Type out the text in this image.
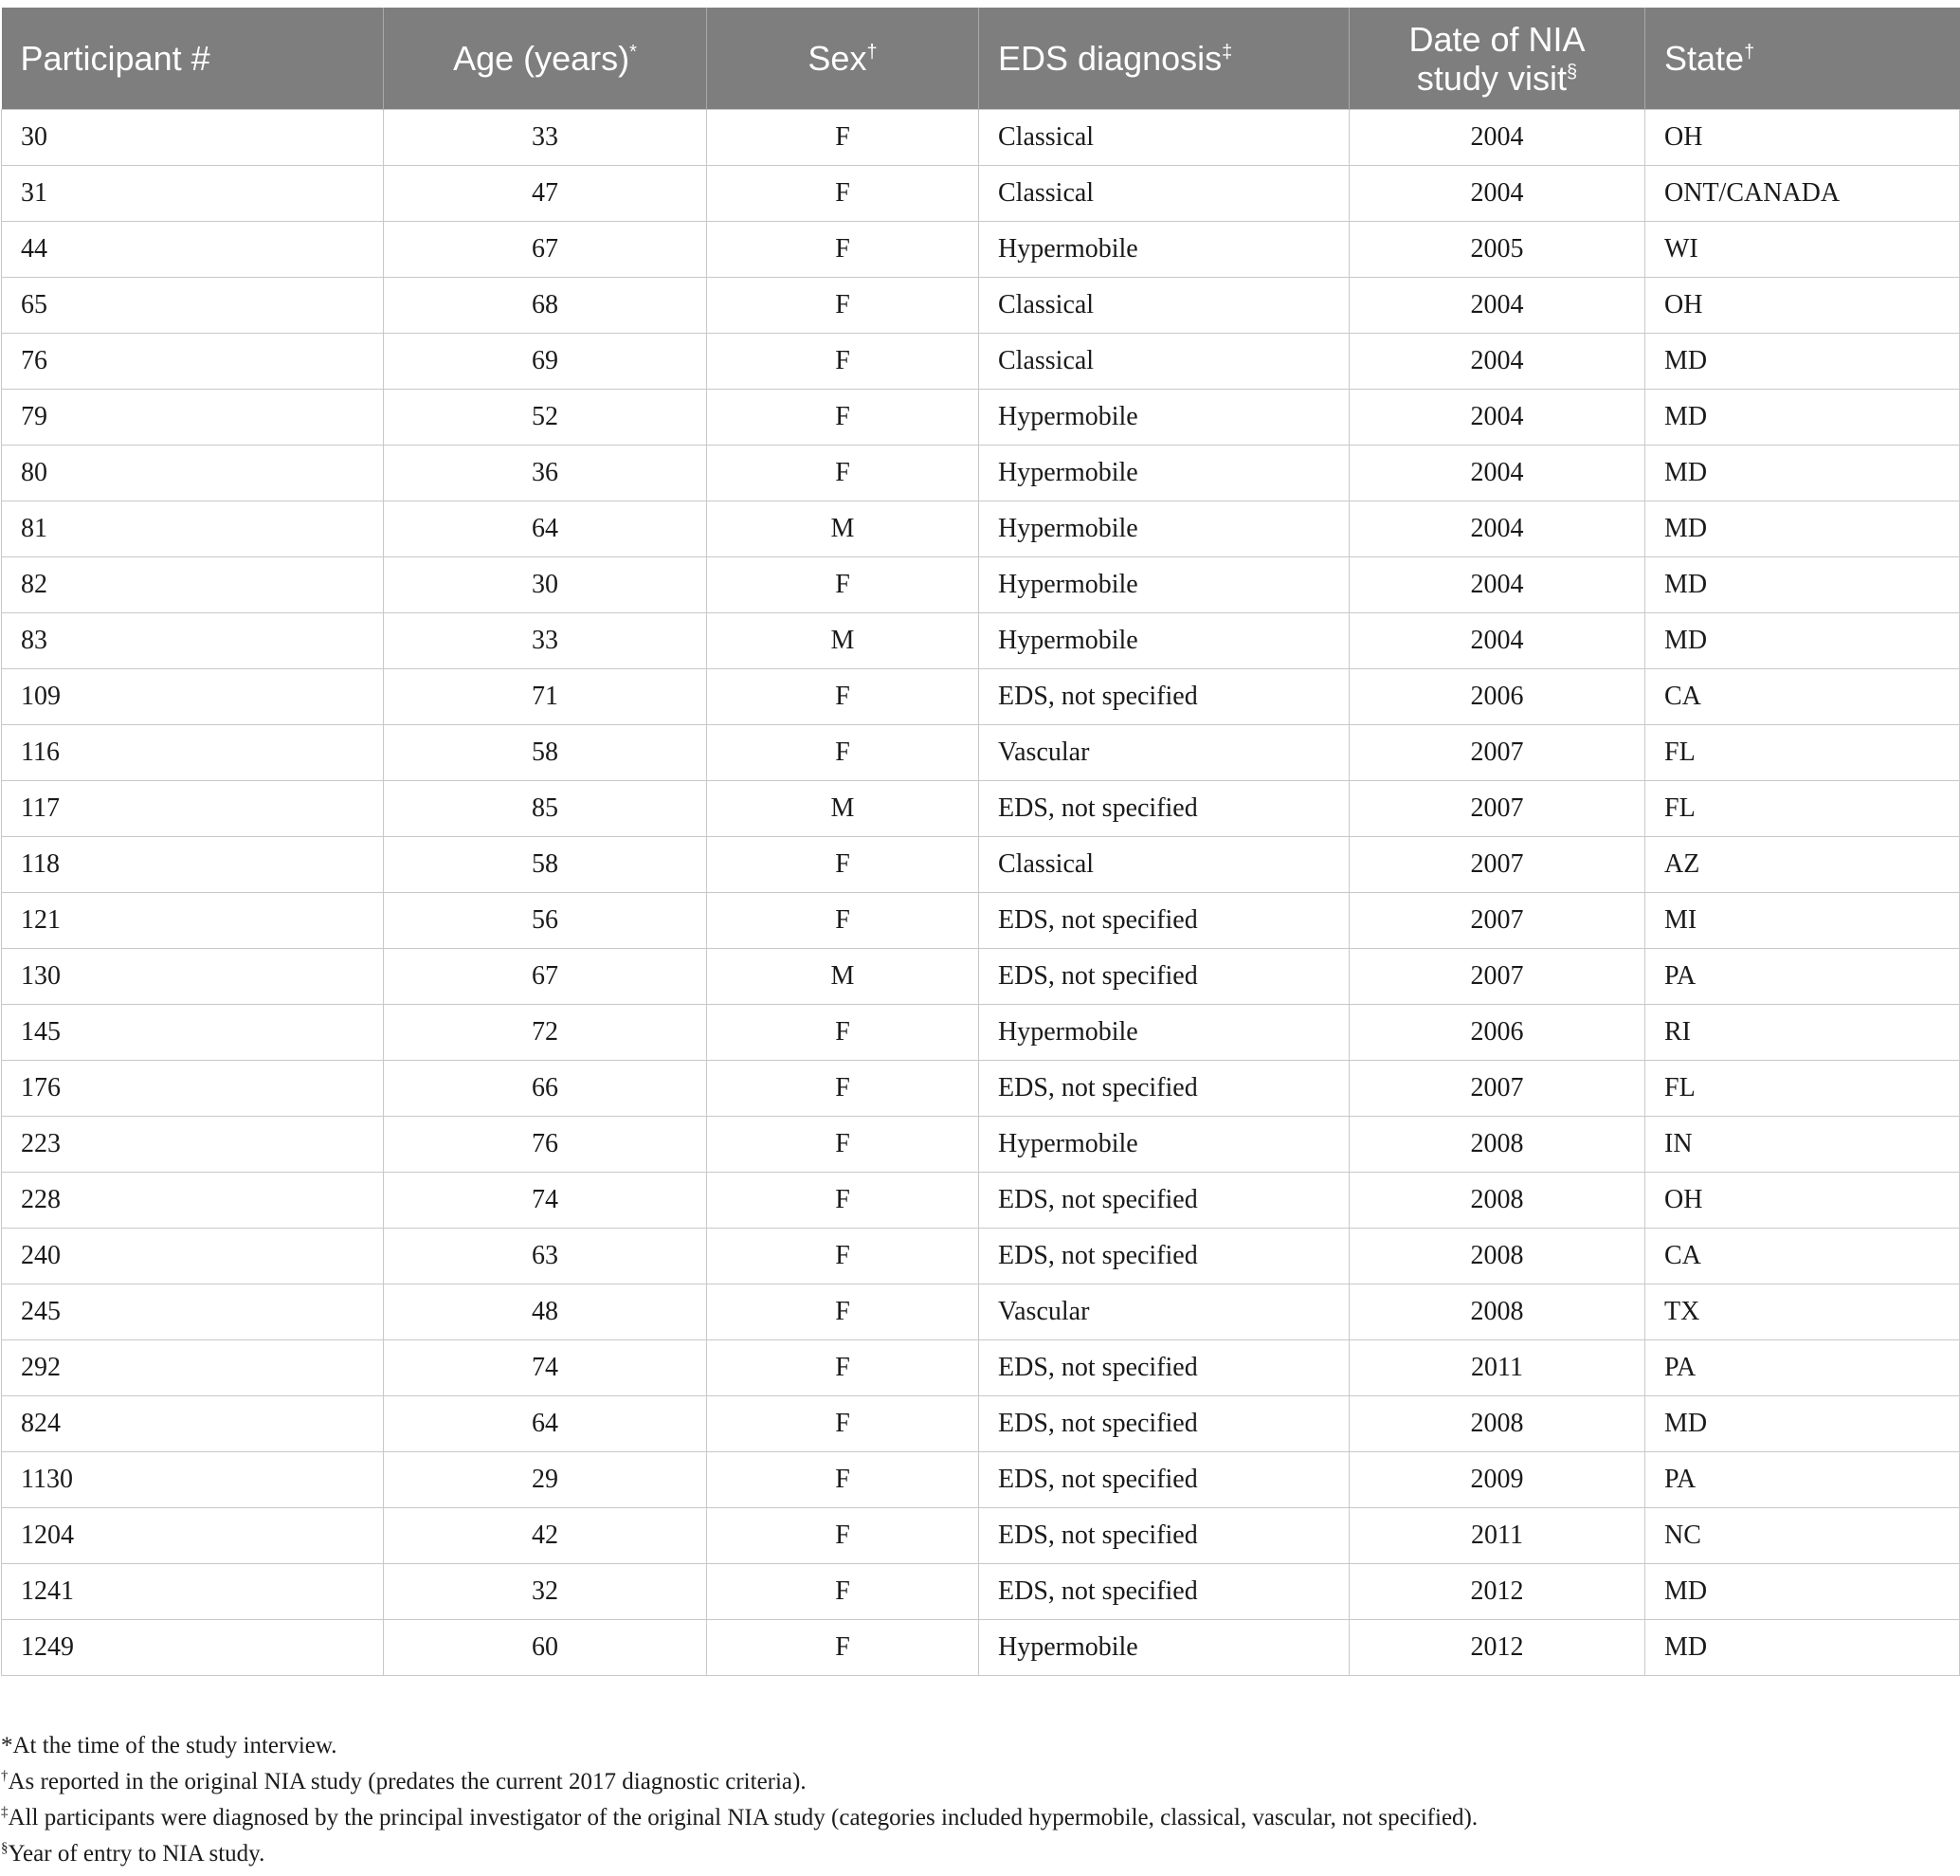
Participant #	Age (years)*	Sex†	EDS diagnosis‡	Date of NIA study visit§	State†
30	33	F	Classical	2004	OH
31	47	F	Classical	2004	ONT/CANADA
44	67	F	Hypermobile	2005	WI
65	68	F	Classical	2004	OH
76	69	F	Classical	2004	MD
79	52	F	Hypermobile	2004	MD
80	36	F	Hypermobile	2004	MD
81	64	M	Hypermobile	2004	MD
82	30	F	Hypermobile	2004	MD
83	33	M	Hypermobile	2004	MD
109	71	F	EDS, not specified	2006	CA
116	58	F	Vascular	2007	FL
117	85	M	EDS, not specified	2007	FL
118	58	F	Classical	2007	AZ
121	56	F	EDS, not specified	2007	MI
130	67	M	EDS, not specified	2007	PA
145	72	F	Hypermobile	2006	RI
176	66	F	EDS, not specified	2007	FL
223	76	F	Hypermobile	2008	IN
228	74	F	EDS, not specified	2008	OH
240	63	F	EDS, not specified	2008	CA
245	48	F	Vascular	2008	TX
292	74	F	EDS, not specified	2011	PA
824	64	F	EDS, not specified	2008	MD
1130	29	F	EDS, not specified	2009	PA
1204	42	F	EDS, not specified	2011	NC
1241	32	F	EDS, not specified	2012	MD
1249	60	F	Hypermobile	2012	MD
*At the time of the study interview.
†As reported in the original NIA study (predates the current 2017 diagnostic criteria).
‡All participants were diagnosed by the principal investigator of the original NIA study (categories included hypermobile, classical, vascular, not specified).
§Year of entry to NIA study.
